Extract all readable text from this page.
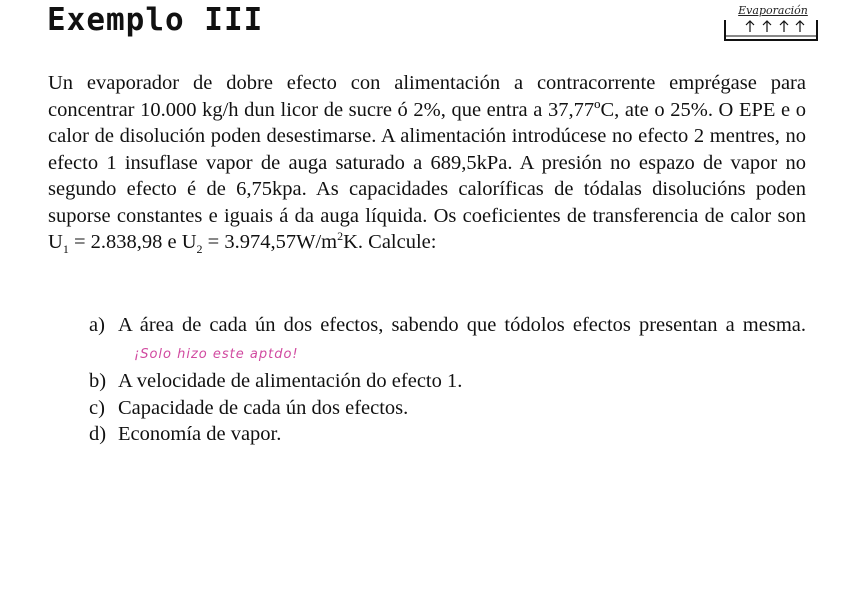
Exemplo III	Evaporación
Un evaporador de dobre efecto con alimentación a contracorrente emprégase para concentrar 10.000 kg/h dun licor de sucre ó 2%, que entra a 37,77ºC, ate o 25%. O EPE e o calor de disolución poden desestimarse. A alimentación introdúcese no efecto 2 mentres, no efecto 1 insuflase vapor de auga saturado a 689,5kPa. A presión no espazo de vapor no segundo efecto é de 6,75kpa. As capacidades caloríficas de tódalas disolucións poden suporse constantes e iguais á da auga líquida. Os coeficientes de transferencia de calor son $U_1 = 2.838,98$ e $U_2 = 3.974,57W/m^2K$. Calcule:
a) A área de cada ún dos efectos, sabendo que tódolos efectos presentan a mesma.¡Solo hizo este aptdo!
b) A velocidade de alimentación do efecto 1.
c) Capacidade de cada ún dos efectos.
d) Economía de vapor.
